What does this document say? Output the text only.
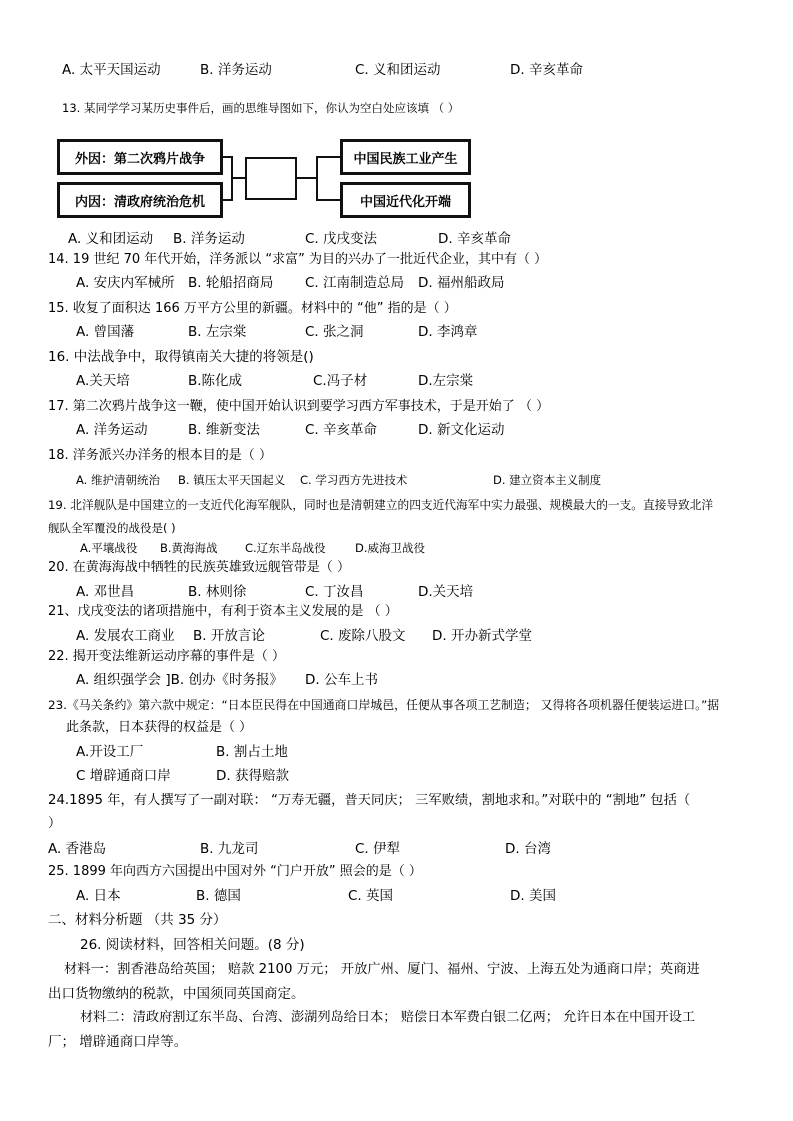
A. 太平天国运动	B. 洋务运动	C. 义和团运动	D. 辛亥革命
13. 某同学学习某历史事件后，画的思维导图如下，你认为空白处应该填 （ ）
外因：第二次鸦片战争
内因：清政府统治危机
中国民族工业产生
中国近代化开端
A. 义和团运动 B. 洋务运动	C. 戊戌变法	D. 辛亥革命
14. 19 世纪 70 年代开始，洋务派以 “求富” 为目的兴办了一批近代企业，其中有（ ）
A. 安庆内军械所 B. 轮船招商局 C. 江南制造总局 D. 福州船政局
15. 收复了面积达 166 万平方公里的新疆。材料中的 “他” 指的是（ ）
A. 曾国藩	B. 左宗棠	C. 张之洞	D. 李鸿章
16. 中法战争中，取得镇南关大捷的将领是()
A.关天培	B.陈化成	C.冯子材	D.左宗棠
17. 第二次鸦片战争这一鞭，使中国开始认识到要学习西方军事技术，于是开始了 （ ）
A. 洋务运动	B. 维新变法	C. 辛亥革命	D. 新文化运动
18. 洋务派兴办洋务的根本目的是（ ）
A. 维护清朝统治 B. 镇压太平天国起义 C. 学习西方先进技术	D. 建立资本主义制度
19. 北洋舰队是中国建立的一支近代化海军舰队，同时也是清朝建立的四支近代海军中实力最强、规模最大的一支。直接导致北洋
舰队全军覆没的战役是( )
A.平壤战役 B.黄海海战 C.辽东半岛战役	D.威海卫战役
20. 在黄海海战中牺牲的民族英雄致远舰管带是（ ）
A. 邓世昌	B. 林则徐	C. 丁汝昌	D.关天培
21、戊戌变法的诸项措施中，有利于资本主义发展的是 （ ）
A. 发展农工商业 B. 开放言论	C. 废除八股文 D. 开办新式学堂
22. 揭开变法维新运动序幕的事件是（ ）
A. 组织强学会 ]B. 创办《时务报》 D. 公车上书
23.《马关条约》第六款中规定：“日本臣民得在中国通商口岸城邑，任便从事各项工艺制造； 又得将各项机器任便装运进口。”据
此条款，日本获得的权益是（ ）
A.开设工厂	B. 割占土地
C 增辟通商口岸	D. 获得赔款
24.1895 年，有人撰写了一副对联： “万寿无疆，普天同庆； 三军败绩，割地求和。”对联中的 “割地” 包括（
）
A. 香港岛	B. 九龙司	C. 伊犁	D. 台湾
25. 1899 年向西方六国提出中国对外 “门户开放” 照会的是（ ）
A. 日本	B. 德国	C. 英国	D. 美国
二、材料分析题 （共 35 分）
26. 阅读材料，回答相关问题。(8 分)
材料一：割香港岛给英国； 赔款 2100 万元； 开放广州、厦门、福州、宁波、上海五处为通商口岸；英商进
出口货物缴纳的税款，中国须同英国商定。
材料二：清政府割辽东半岛、台湾、澎湖列岛给日本； 赔偿日本军费白银二亿两； 允许日本在中国开设工
厂； 增辟通商口岸等。
